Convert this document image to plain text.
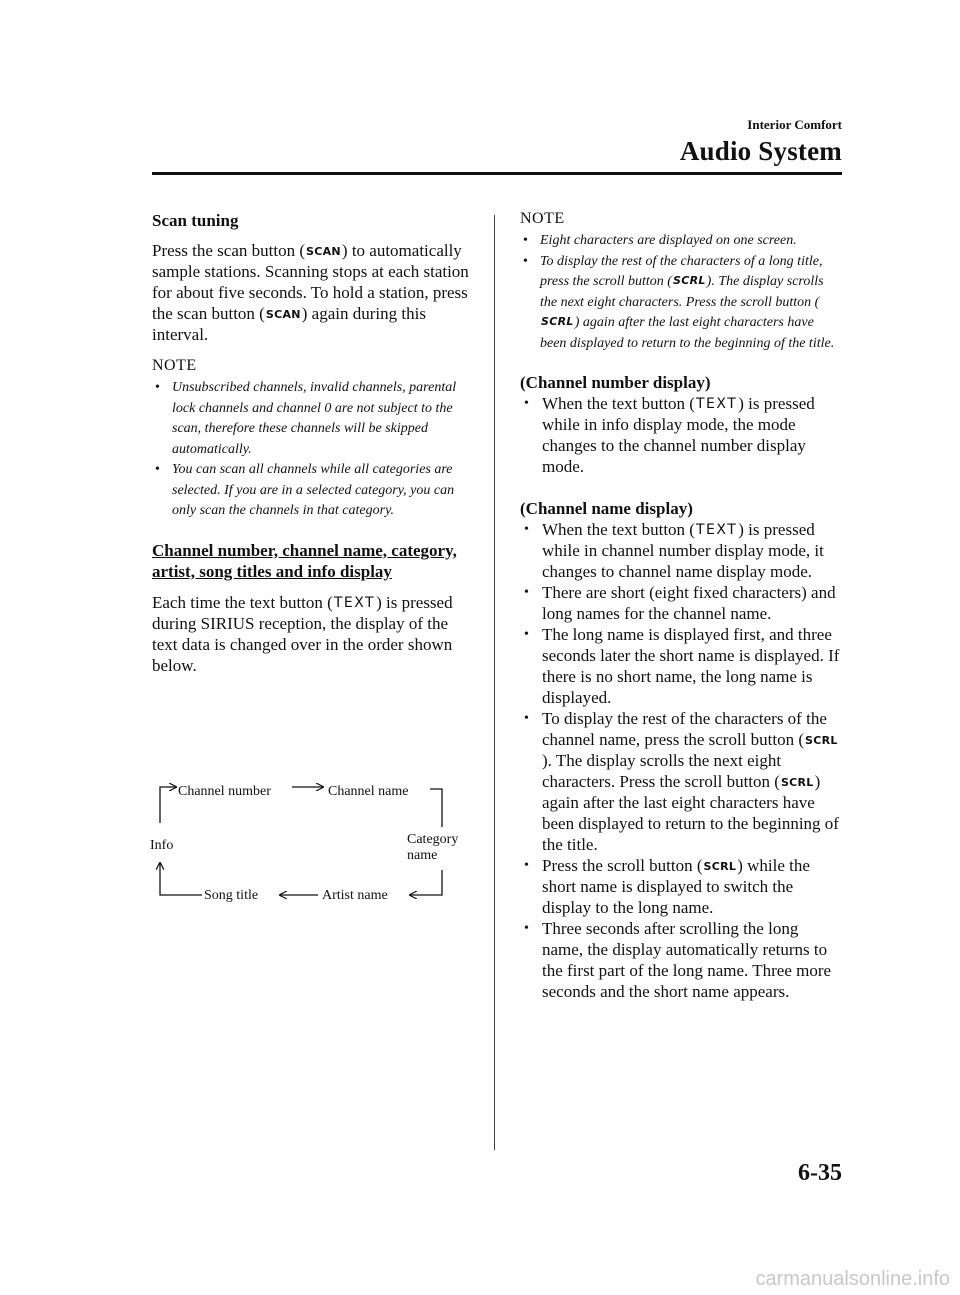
Interior Comfort
Audio System
Scan tuning

Press the scan button (SCAN) to automatically sample stations. Scanning stops at each station for about five seconds. To hold a station, press the scan button (SCAN) again during this interval.

NOTE
• Unsubscribed channels, invalid channels, parental lock channels and channel 0 are not subject to the scan, therefore these channels will be skipped automatically.
• You can scan all channels while all categories are selected. If you are in a selected category, you can only scan the channels in that category.
Channel number, channel name, category, artist, song titles and info display

Each time the text button (TEXT) is pressed during SIRIUS reception, the display of the text data is changed over in the order shown below.

Channel number	Channel name
Category
name
Info
Artist name
Song title
NOTE
• Eight characters are displayed on one screen.
• To display the rest of the characters of a long title, press the scroll button (SCRL). The display scrolls the next eight characters. Press the scroll button (SCRL) again after the last eight characters have been displayed to return to the beginning of the title.
(Channel number display)
• When the text button (TEXT) is pressed while in info display mode, the mode changes to the channel number display mode.
(Channel name display)
• When the text button (TEXT) is pressed while in channel number display mode, it changes to channel name display mode.
• There are short (eight fixed characters) and long names for the channel name.
• The long name is displayed first, and three seconds later the short name is displayed. If there is no short name, the long name is displayed.
• To display the rest of the characters of the channel name, press the scroll button (SCRL). The display scrolls the next eight characters. Press the scroll button (SCRL) again after the last eight characters have been displayed to return to the beginning of the title.
• Press the scroll button (SCRL) while the short name is displayed to switch the display to the long name.
• Three seconds after scrolling the long name, the display automatically returns to the first part of the long name. Three more seconds and the short name appears.
6-35
carmanualsonline.info
